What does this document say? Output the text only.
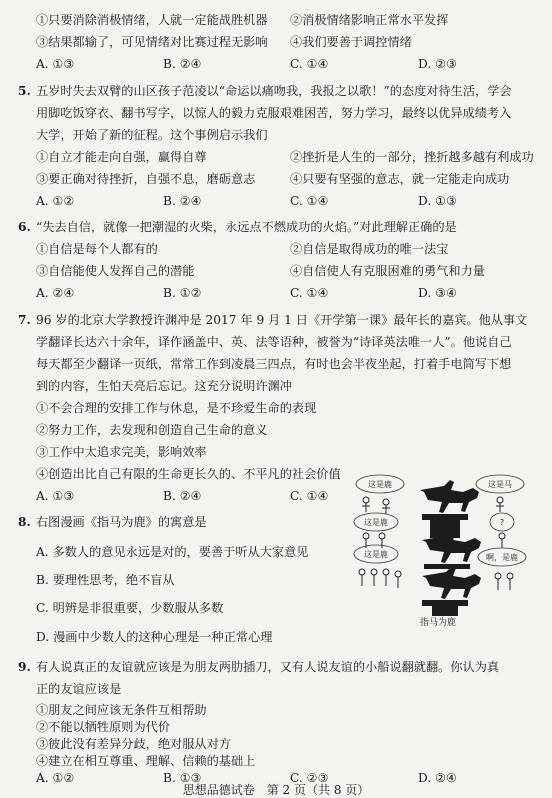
①只要消除消极情绪，人就一定能战胜机器 ②消极情绪影响正常水平发挥
③结果都输了，可见情绪对比赛过程无影响 ④我们要善于调控情绪
A. ①③	B. ②④	C. ①④	D. ②③
5. 五岁时失去双臂的山区孩子范凌以“命运以痛吻我，我报之以歌！”的态度对待生活，学会
用脚吃饭穿衣、翻书写字，以惊人的毅力克服艰难困苦，努力学习，最终以优异成绩考入
大学，开始了新的征程。这个事例启示我们
①自立才能走向自强，赢得自尊	②挫折是人生的一部分，挫折越多越有利成功
③要正确对待挫折，自强不息，磨砺意志	④只要有坚强的意志，就一定能走向成功
A. ①②	B. ②④	C. ①④	D. ①③
6. “失去自信，就像一把潮湿的火柴，永远点不燃成功的火焰。”对此理解正确的是
①自信是每个人都有的	②自信是取得成功的唯一法宝
③自信能使人发挥自己的潜能	④自信使人有克服困难的勇气和力量
A. ②④	B. ①②	C. ①④	D. ③④
7. 96 岁的北京大学教授许渊冲是 2017 年 9 月 1 日《开学第一课》最年长的嘉宾。他从事文
学翻译长达六十余年，译作涵盖中、英、法等语种，被誉为“诗译英法唯一人”。他说自己
每天都至少翻译一页纸，常常工作到凌晨三四点，有时也会半夜坐起，打着手电筒写下想
到的内容，生怕天亮后忘记。这充分说明许渊冲
①不会合理的安排工作与休息，是不珍爱生命的表现
②努力工作，去发现和创造自己生命的意义
③工作中太追求完美，影响效率
④创造出比自己有限的生命更长久的、不平凡的社会价值
A. ①③	B. ②④	C. ①④
8. 右图漫画《指马为鹿》的寓意是
A. 多数人的意见永远是对的，要善于听从大家意见
B. 要理性思考，绝不盲从
C. 明辨是非很重要，少数服从多数
D. 漫画中少数人的这种心理是一种正常心理
这是鹿	这是马
这是鹿	?
这是鹿	啊，是鹿
指马为鹿
9. 有人说真正的友谊就应该是为朋友两肋插刀，又有人说友谊的小船说翻就翻。你认为真
正的友谊应该是
①朋友之间应该无条件互相帮助
②不能以牺牲原则为代价
③彼此没有差异分歧，绝对服从对方
④建立在相互尊重、理解、信赖的基础上
A. ①②	B. ①③	C. ②③	D. ②④
思想品德试卷　第 2 页（共 8 页）
